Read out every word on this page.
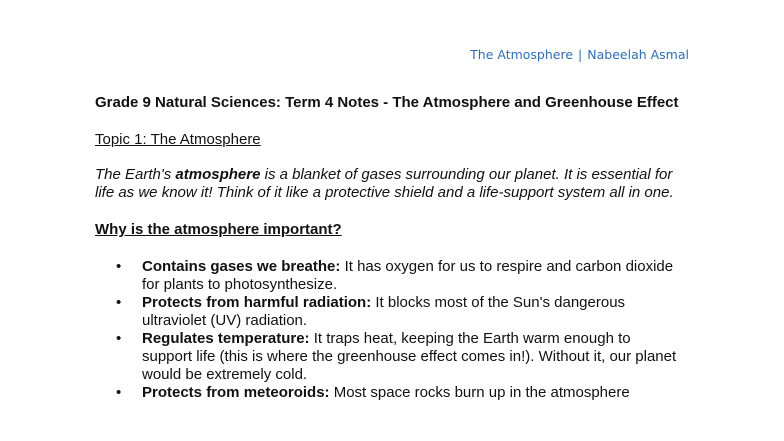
The Atmosphere | Nabeelah Asmal

Grade 9 Natural Sciences: Term 4 Notes - The Atmosphere and Greenhouse Effect

Topic 1: The Atmosphere

The Earth's atmosphere is a blanket of gases surrounding our planet. It is essential for life as we know it! Think of it like a protective shield and a life-support system all in one.

Why is the atmosphere important?

• Contains gases we breathe: It has oxygen for us to respire and carbon dioxide for plants to photosynthesize.
• Protects from harmful radiation: It blocks most of the Sun's dangerous ultraviolet (UV) radiation.
• Regulates temperature: It traps heat, keeping the Earth warm enough to support life (this is where the greenhouse effect comes in!). Without it, our planet would be extremely cold.
• Protects from meteoroids: Most space rocks burn up in the atmosphere
